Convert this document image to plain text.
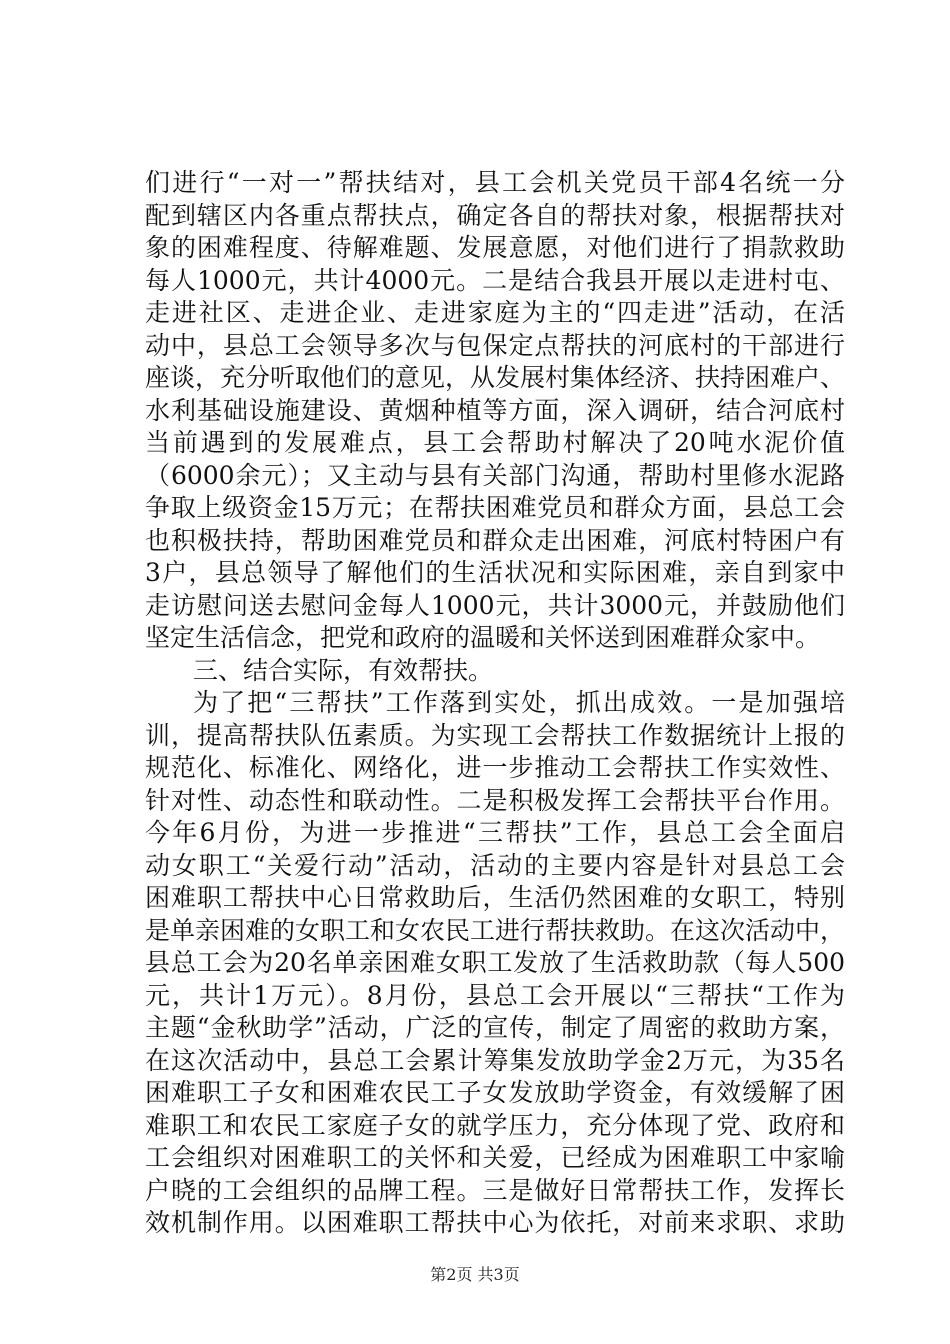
们进行“一对一”帮扶结对，县工会机关党员干部4名统一分
配到辖区内各重点帮扶点，确定各自的帮扶对象，根据帮扶对
象的困难程度、待解难题、发展意愿，对他们进行了捐款救助
每人1000元，共计4000元。二是结合我县开展以走进村屯、
走进社区、走进企业、走进家庭为主的“四走进”活动，在活
动中，县总工会领导多次与包保定点帮扶的河底村的干部进行
座谈，充分听取他们的意见，从发展村集体经济、扶持困难户、
水利基础设施建设、黄烟种植等方面，深入调研，结合河底村
当前遇到的发展难点，县工会帮助村解决了20吨水泥价值
（6000余元）；又主动与县有关部门沟通，帮助村里修水泥路
争取上级资金15万元；在帮扶困难党员和群众方面，县总工会
也积极扶持，帮助困难党员和群众走出困难，河底村特困户有
3户，县总领导了解他们的生活状况和实际困难，亲自到家中
走访慰问送去慰问金每人1000元，共计3000元，并鼓励他们
坚定生活信念，把党和政府的温暖和关怀送到困难群众家中。
三、结合实际，有效帮扶。
为了把“三帮扶”工作落到实处，抓出成效。一是加强培
训，提高帮扶队伍素质。为实现工会帮扶工作数据统计上报的
规范化、标准化、网络化，进一步推动工会帮扶工作实效性、
针对性、动态性和联动性。二是积极发挥工会帮扶平台作用。
今年6月份，为进一步推进“三帮扶”工作，县总工会全面启
动女职工“关爱行动”活动，活动的主要内容是针对县总工会
困难职工帮扶中心日常救助后，生活仍然困难的女职工，特别
是单亲困难的女职工和女农民工进行帮扶救助。在这次活动中，
县总工会为20名单亲困难女职工发放了生活救助款（每人500
元，共计1万元）。8月份，县总工会开展以“三帮扶“工作为
主题“金秋助学”活动，广泛的宣传，制定了周密的救助方案，
在这次活动中，县总工会累计筹集发放助学金2万元，为35名
困难职工子女和困难农民工子女发放助学资金，有效缓解了困
难职工和农民工家庭子女的就学压力，充分体现了党、政府和
工会组织对困难职工的关怀和关爱，已经成为困难职工中家喻
户晓的工会组织的品牌工程。三是做好日常帮扶工作，发挥长
效机制作用。以困难职工帮扶中心为依托，对前来求职、求助
第2页 共3页
